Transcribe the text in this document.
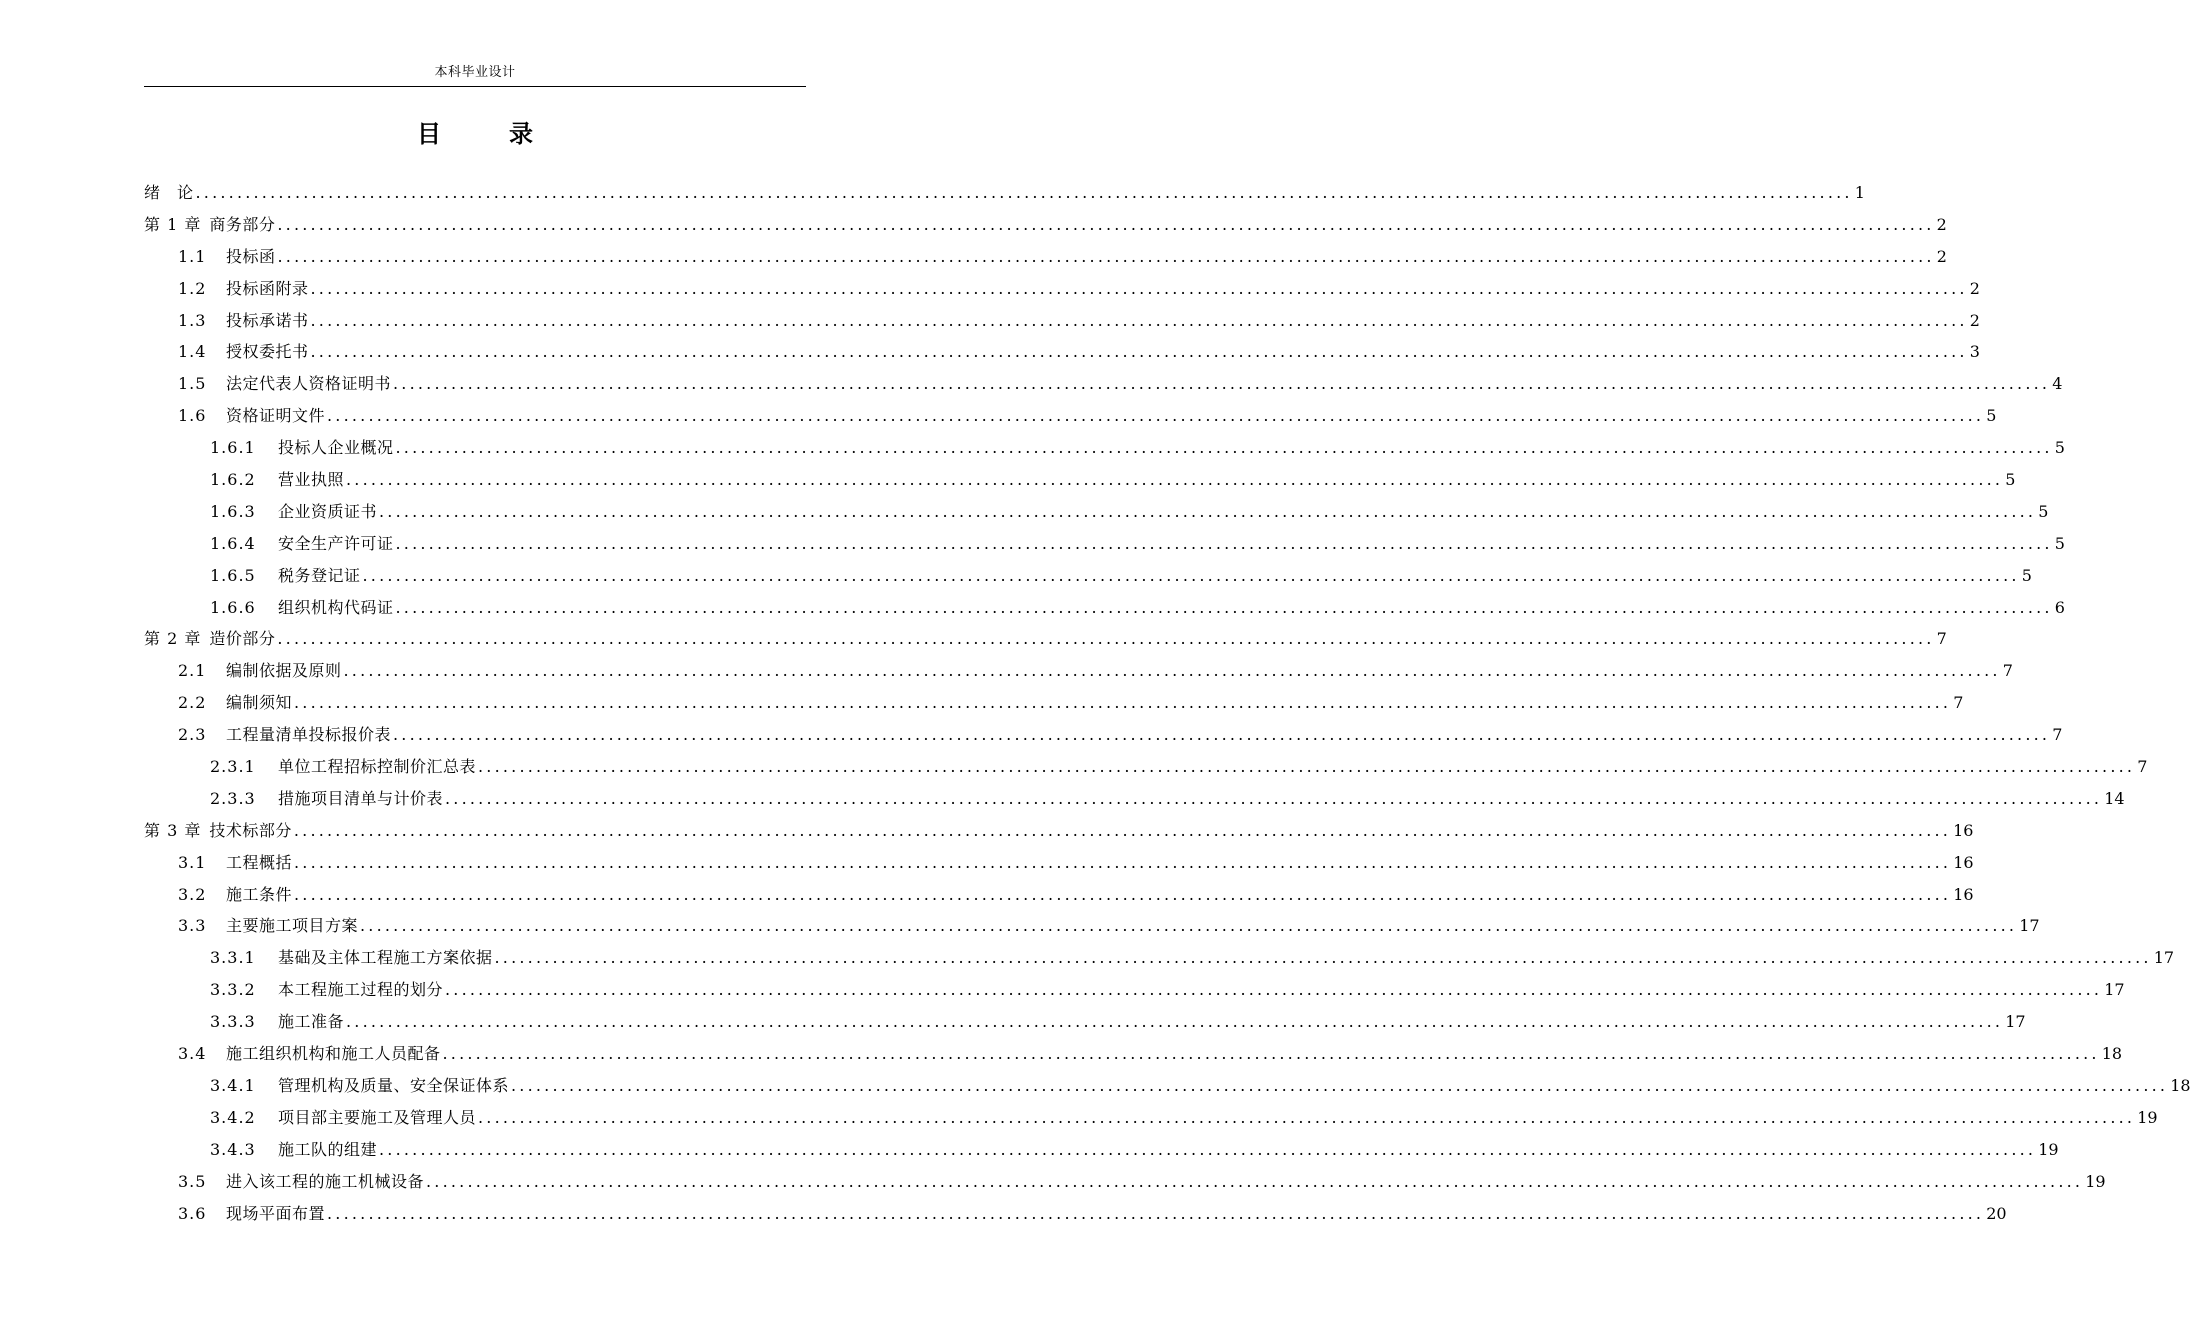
本科毕业设计
目　录
绪　论 ........................................................................................................................................................................................................ 1
第 1 章 商务部分 ........................................................................................................................................................................................................ 2
1.1	投标函 ........................................................................................................................................................................................................ 2
1.2	投标函附录 ........................................................................................................................................................................................................ 2
1.3	投标承诺书 ........................................................................................................................................................................................................ 2
1.4	授权委托书 ........................................................................................................................................................................................................ 3
1.5	法定代表人资格证明书 ........................................................................................................................................................................................................ 4
1.6	资格证明文件 ........................................................................................................................................................................................................ 5
1.6.1	投标人企业概况 ........................................................................................................................................................................................................ 5
1.6.2	营业执照 ........................................................................................................................................................................................................ 5
1.6.3	企业资质证书 ........................................................................................................................................................................................................ 5
1.6.4	安全生产许可证 ........................................................................................................................................................................................................ 5
1.6.5	税务登记证 ........................................................................................................................................................................................................ 5
1.6.6	组织机构代码证 ........................................................................................................................................................................................................ 6
第 2 章 造价部分 ........................................................................................................................................................................................................ 7
2.1	编制依据及原则 ........................................................................................................................................................................................................ 7
2.2	编制须知 ........................................................................................................................................................................................................ 7
2.3	工程量清单投标报价表 ........................................................................................................................................................................................................ 7
2.3.1	单位工程招标控制价汇总表 ........................................................................................................................................................................................................ 7
2.3.3	措施项目清单与计价表 ........................................................................................................................................................................................................ 14
第 3 章 技术标部分 ........................................................................................................................................................................................................ 16
3.1	工程概括 ........................................................................................................................................................................................................ 16
3.2	施工条件 ........................................................................................................................................................................................................ 16
3.3	主要施工项目方案 ........................................................................................................................................................................................................ 17
3.3.1	基础及主体工程施工方案依据 ........................................................................................................................................................................................................ 17
3.3.2	本工程施工过程的划分 ........................................................................................................................................................................................................ 17
3.3.3	施工准备 ........................................................................................................................................................................................................ 17
3.4	施工组织机构和施工人员配备 ........................................................................................................................................................................................................ 18
3.4.1	管理机构及质量、安全保证体系 ........................................................................................................................................................................................................ 18
3.4.2	项目部主要施工及管理人员 ........................................................................................................................................................................................................ 19
3.4.3	施工队的组建 ........................................................................................................................................................................................................ 19
3.5	进入该工程的施工机械设备 ........................................................................................................................................................................................................ 19
3.6	现场平面布置 ........................................................................................................................................................................................................ 20
